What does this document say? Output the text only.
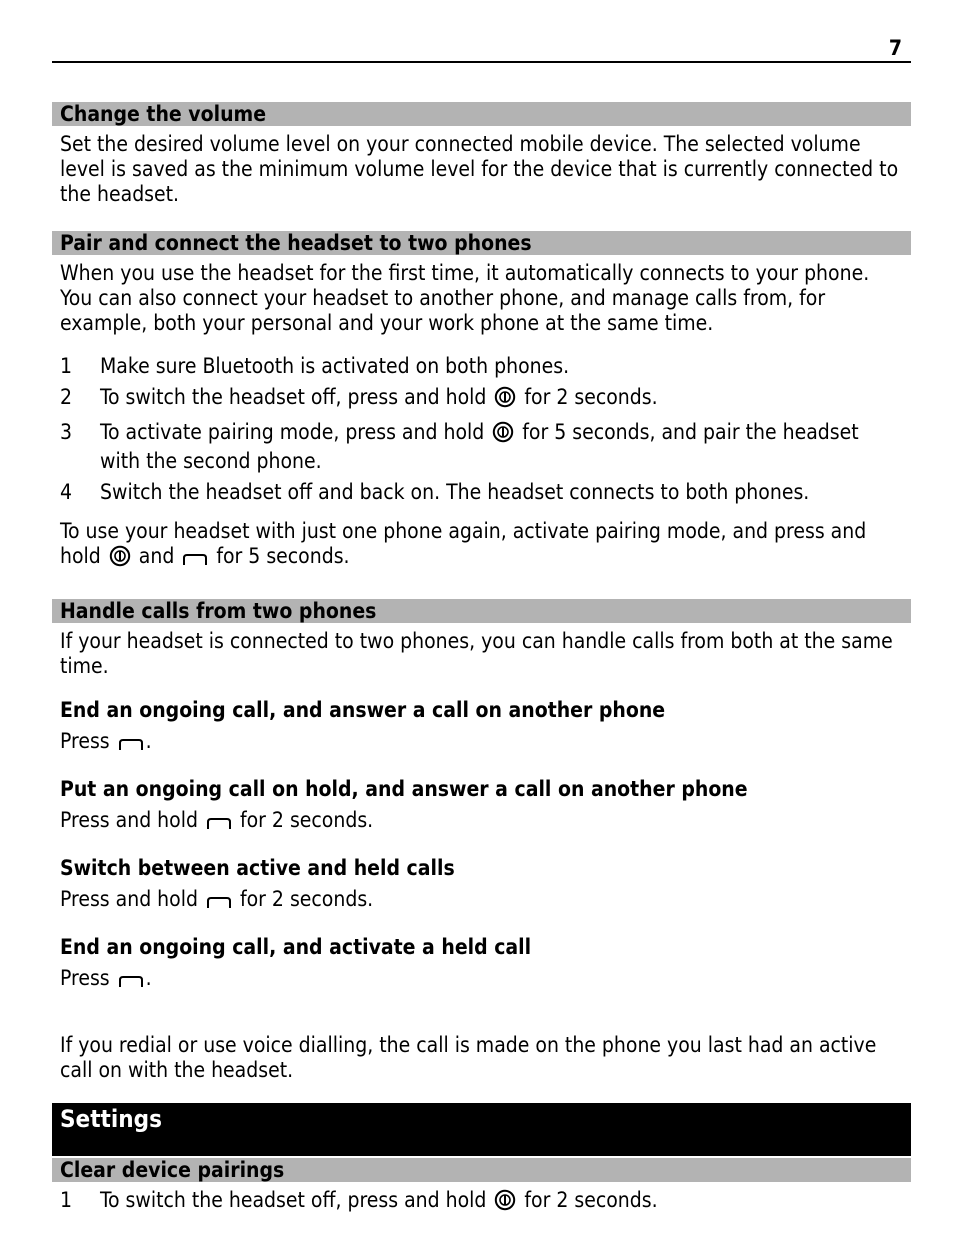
7
Change the volume

Set the desired volume level on your connected mobile device. The selected volume level is saved as the minimum volume level for the device that is currently connected to the headset.

Pair and connect the headset to two phones

When you use the headset for the first time, it automatically connects to your phone. You can also connect your headset to another phone, and manage calls from, for example, both your personal and your work phone at the same time.

1	Make sure Bluetooth is activated on both phones.
2	To switch the headset off, press and hold for 2 seconds.
3	To activate pairing mode, press and hold for 5 seconds, and pair the headset with the second phone.
4	Switch the headset off and back on. The headset connects to both phones.

To use your headset with just one phone again, activate pairing mode, and press and hold and for 5 seconds.

Handle calls from two phones

If your headset is connected to two phones, you can handle calls from both at the same time.

End an ongoing call, and answer a call on another phone

Press .

Put an ongoing call on hold, and answer a call on another phone

Press and hold for 2 seconds.

Switch between active and held calls

Press and hold for 2 seconds.

End an ongoing call, and activate a held call

Press .

If you redial or use voice dialling, the call is made on the phone you last had an active call on with the headset.

Settings
Clear device pairings
1	To switch the headset off, press and hold for 2 seconds.
